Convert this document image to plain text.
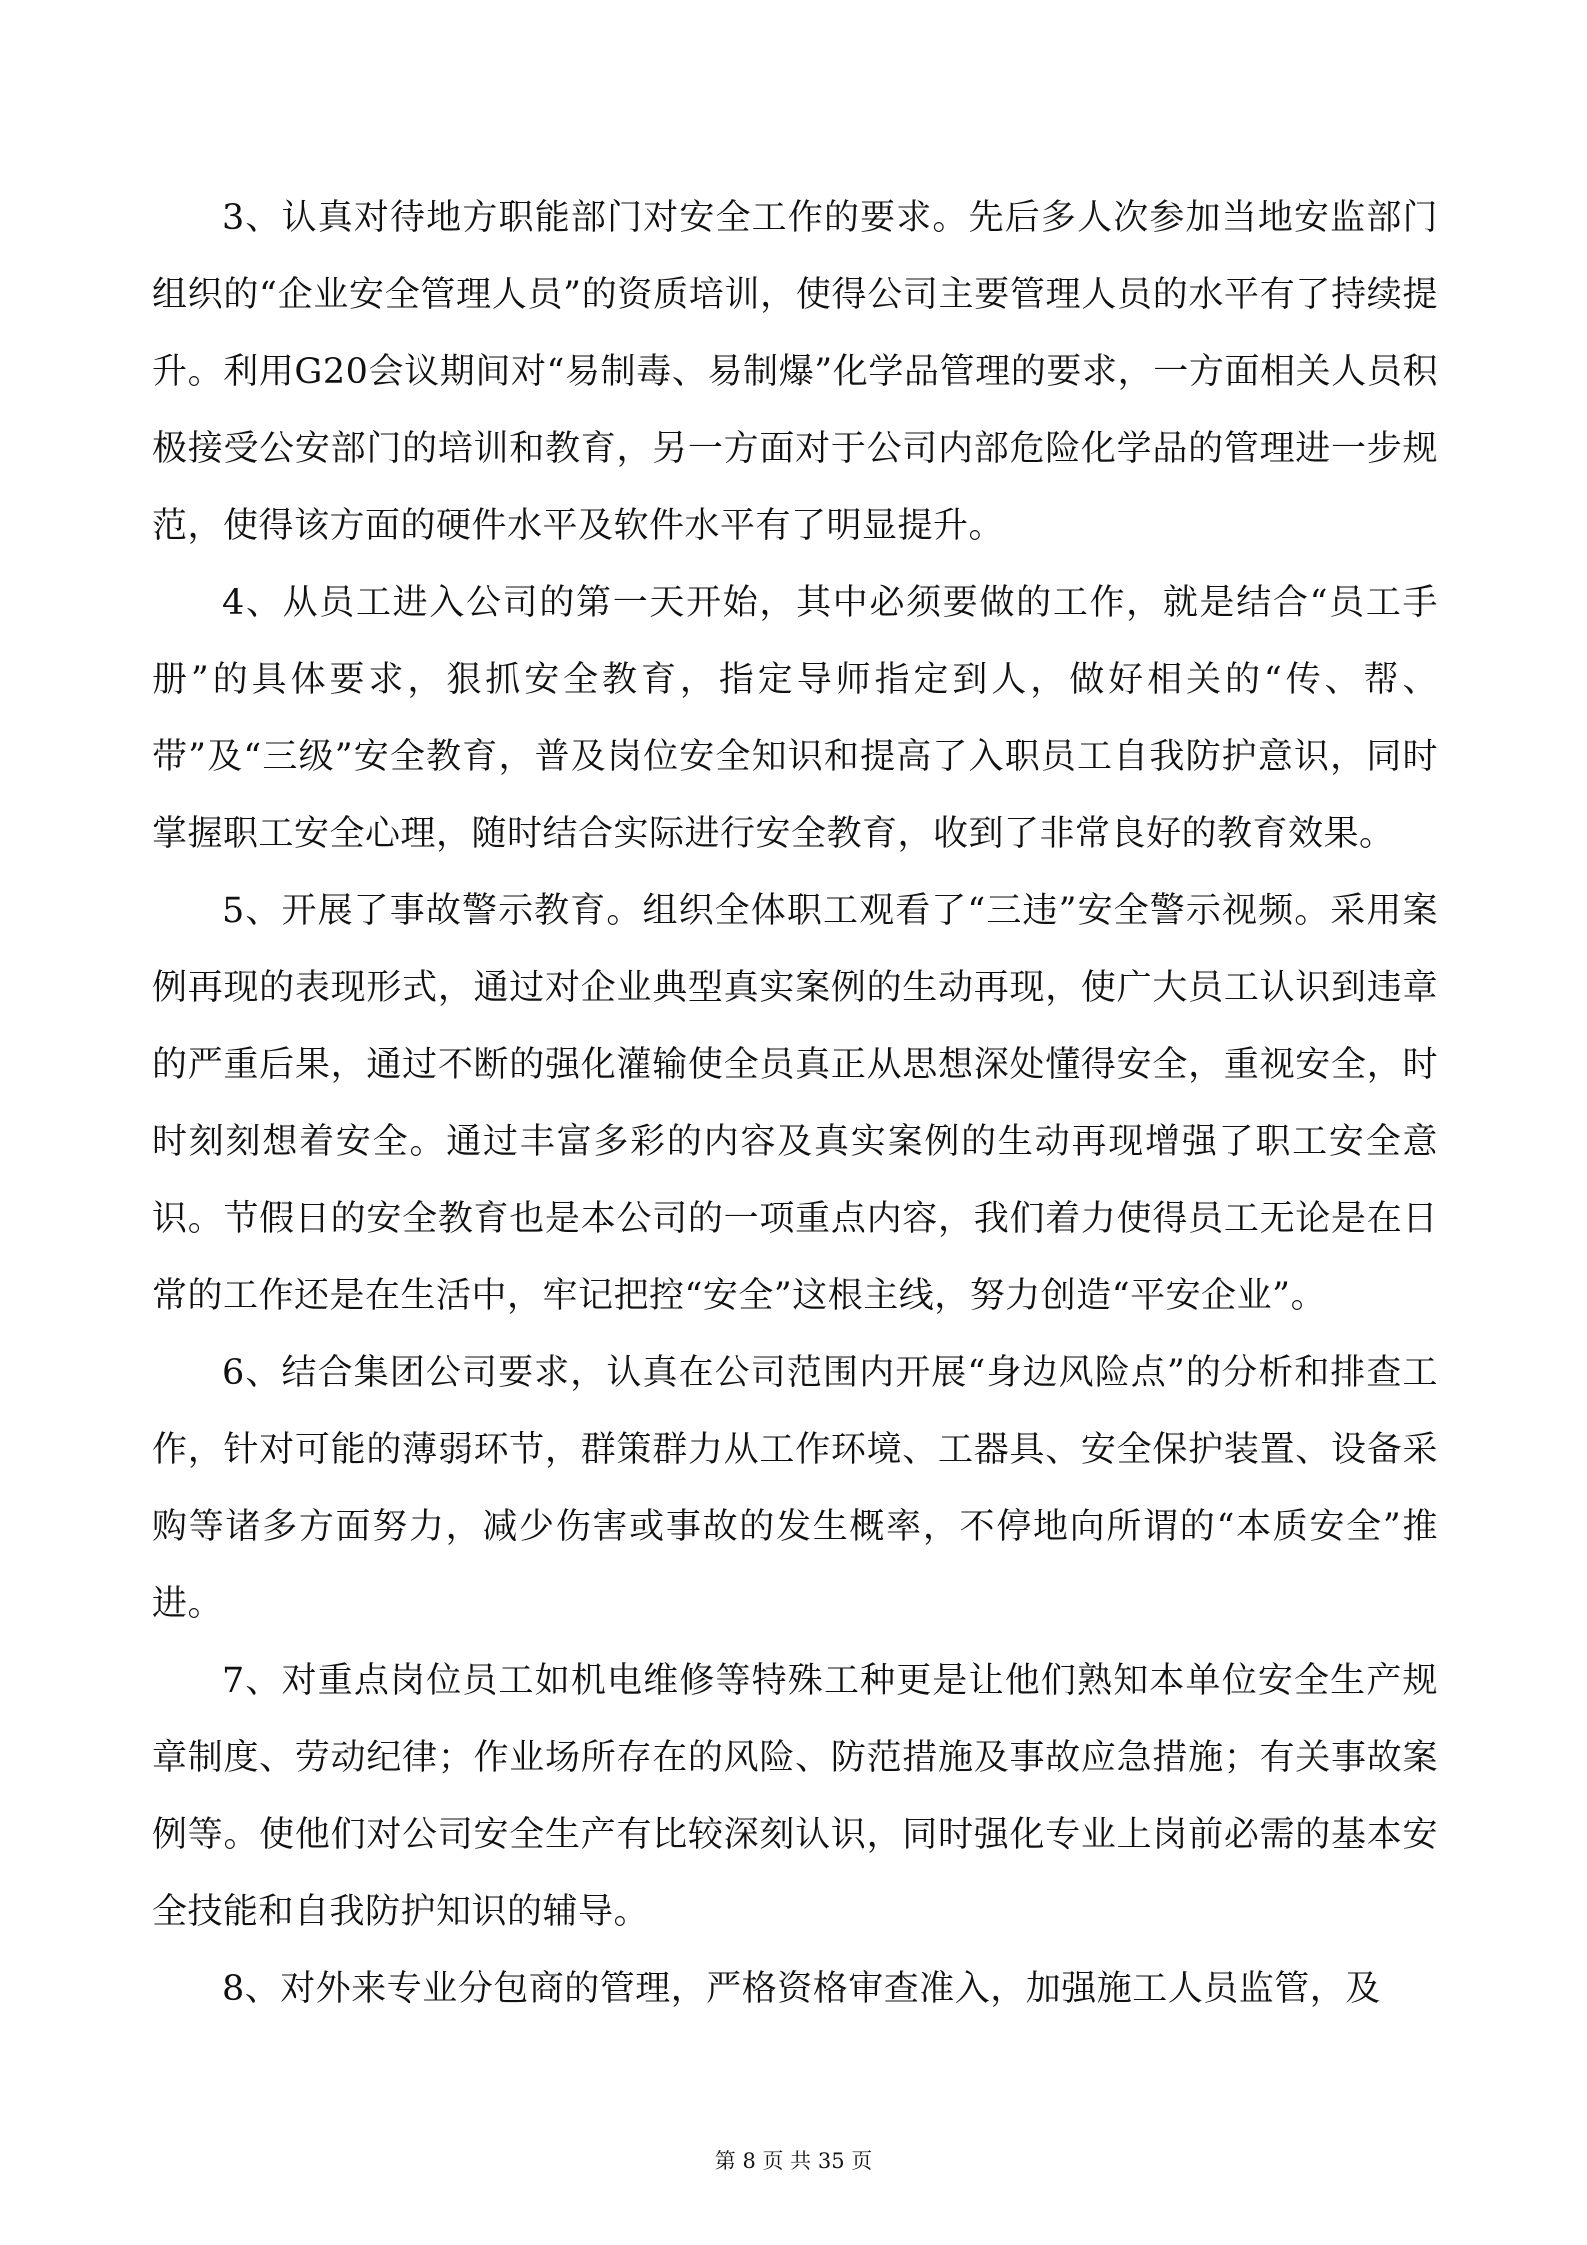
3、认真对待地方职能部门对安全工作的要求。先后多人次参加当地安监部门组织的“企业安全管理人员”的资质培训，使得公司主要管理人员的水平有了持续提升。利用G20会议期间对“易制毒、易制爆”化学品管理的要求，一方面相关人员积极接受公安部门的培训和教育，另一方面对于公司内部危险化学品的管理进一步规范，使得该方面的硬件水平及软件水平有了明显提升。

4、从员工进入公司的第一天开始，其中必须要做的工作，就是结合“员工手册”的具体要求，狠抓安全教育，指定导师指定到人，做好相关的“传、帮、带”及“三级”安全教育，普及岗位安全知识和提高了入职员工自我防护意识，同时掌握职工安全心理，随时结合实际进行安全教育，收到了非常良好的教育效果。

5、开展了事故警示教育。组织全体职工观看了“三违”安全警示视频。采用案例再现的表现形式，通过对企业典型真实案例的生动再现，使广大员工认识到违章的严重后果，通过不断的强化灌输使全员真正从思想深处懂得安全，重视安全，时时刻刻想着安全。通过丰富多彩的内容及真实案例的生动再现增强了职工安全意识。节假日的安全教育也是本公司的一项重点内容，我们着力使得员工无论是在日常的工作还是在生活中，牢记把控“安全”这根主线，努力创造“平安企业”。

6、结合集团公司要求，认真在公司范围内开展“身边风险点”的分析和排查工作，针对可能的薄弱环节，群策群力从工作环境、工器具、安全保护装置、设备采购等诸多方面努力，减少伤害或事故的发生概率，不停地向所谓的“本质安全”推进。

7、对重点岗位员工如机电维修等特殊工种更是让他们熟知本单位安全生产规章制度、劳动纪律；作业场所存在的风险、防范措施及事故应急措施；有关事故案例等。使他们对公司安全生产有比较深刻认识，同时强化专业上岗前必需的基本安全技能和自我防护知识的辅导。

8、对外来专业分包商的管理，严格资格审查准入，加强施工人员监管，及

第 8 页 共 35 页
